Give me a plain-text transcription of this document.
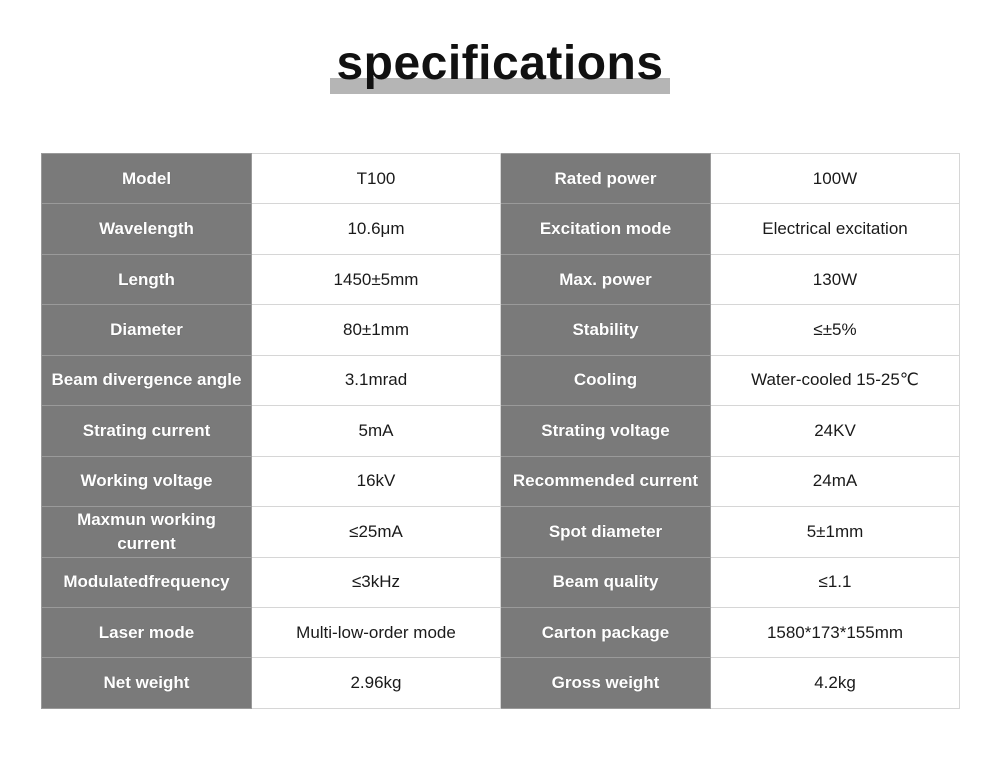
specifications
Model	T100	Rated power	100W
Wavelength	10.6μm	Excitation mode	Electrical excitation
Length	1450±5mm	Max. power	130W
Diameter	80±1mm	Stability	≤±5%
Beam divergence angle	3.1mrad	Cooling	Water-cooled 15-25℃
Strating current	5mA	Strating voltage	24KV
Working voltage	16kV	Recommended current	24mA
Maxmun working current	≤25mA	Spot diameter	5±1mm
Modulatedfrequency	≤3kHz	Beam quality	≤1.1
Laser mode	Multi-low-order mode	Carton package	1580*173*155mm
Net weight	2.96kg	Gross weight	4.2kg
